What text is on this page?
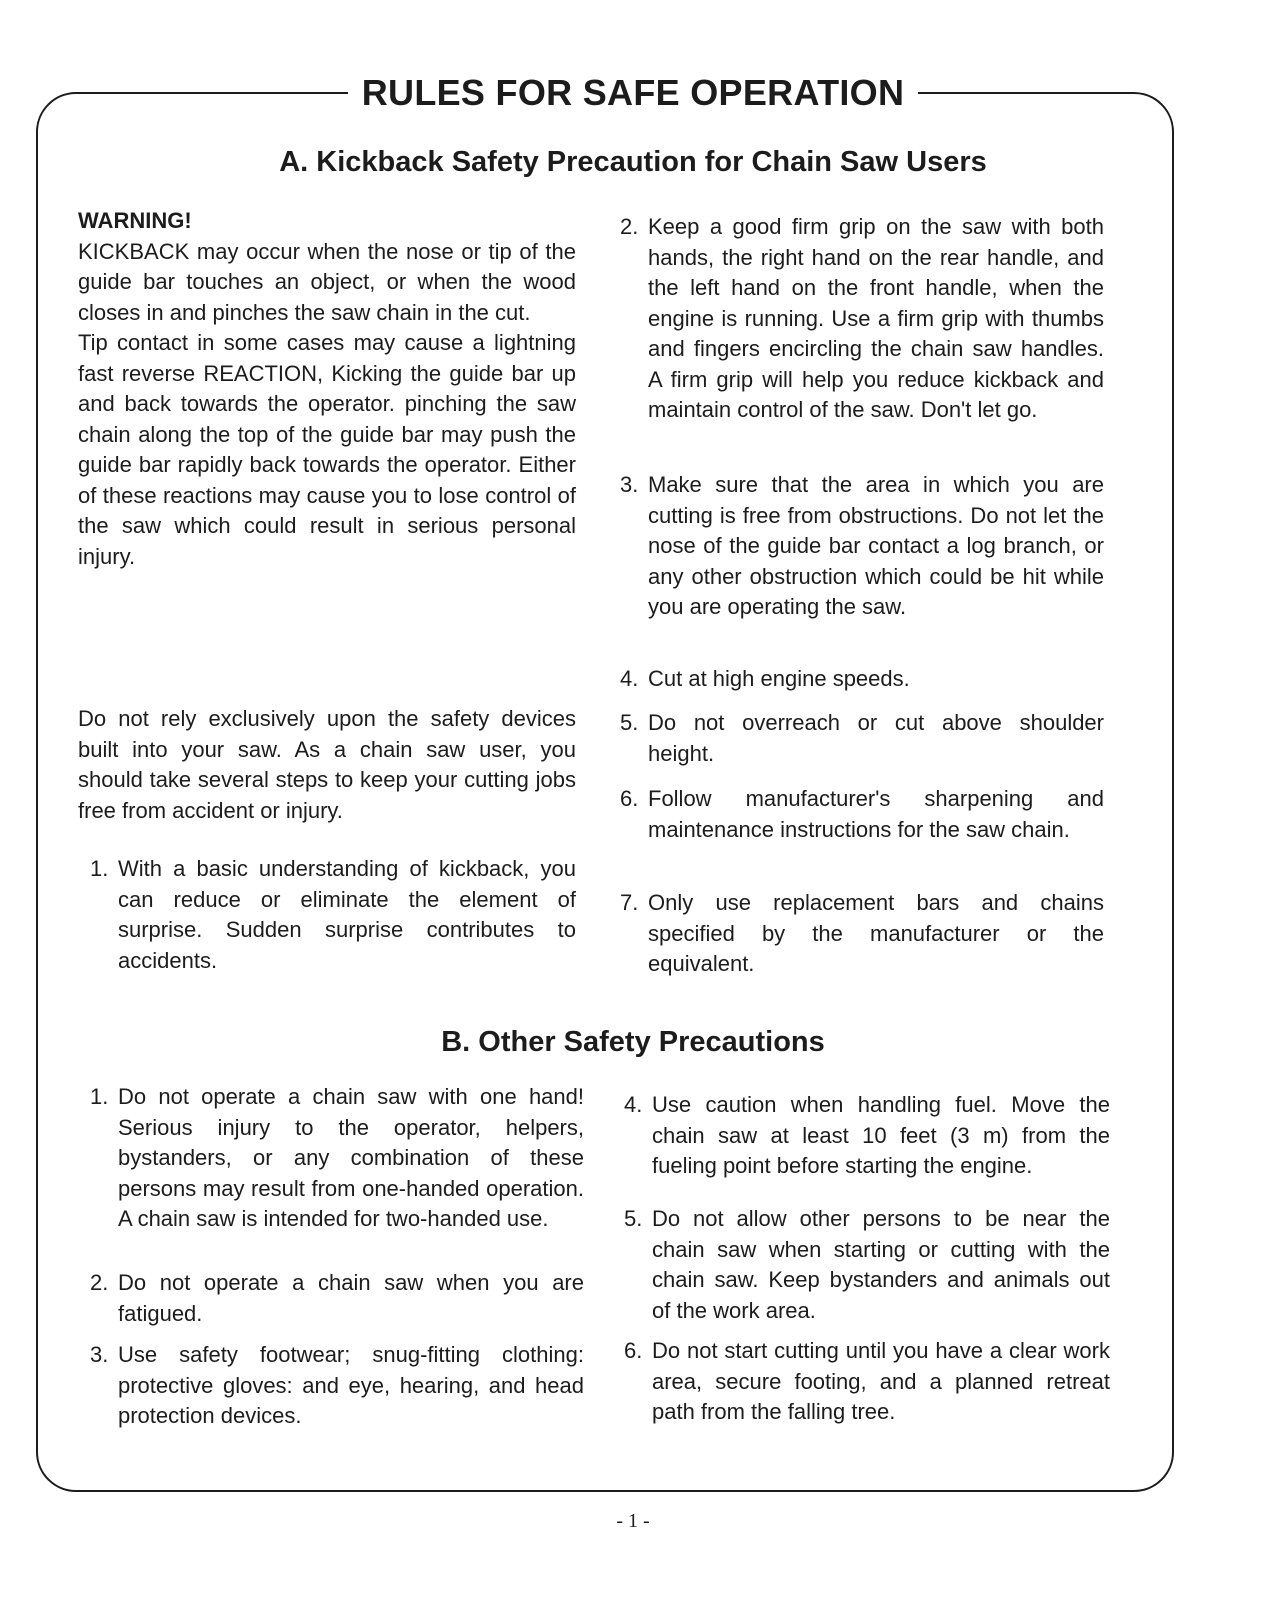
RULES FOR SAFE OPERATION
A. Kickback Safety Precaution for Chain Saw Users

WARNING!

KICKBACK may occur when the nose or tip of the guide bar touches an object, or when the wood closes in and pinches the saw chain in the cut.

Tip contact in some cases may cause a lightning fast reverse REACTION, Kicking the guide bar up and back towards the operator. pinching the saw chain along the top of the guide bar may push the guide bar rapidly back towards the operator. Either of these reactions may cause you to lose control of the saw which could result in serious personal injury.

Do not rely exclusively upon the safety devices built into your saw. As a chain saw user, you should take several steps to keep your cutting jobs free from accident or injury.

1. With a basic understanding of kickback, you can reduce or eliminate the element of surprise. Sudden surprise contributes to accidents.
2. Keep a good firm grip on the saw with both hands, the right hand on the rear handle, and the left hand on the front handle, when the engine is running. Use a firm grip with thumbs and fingers encircling the chain saw handles. A firm grip will help you reduce kickback and maintain control of the saw. Don't let go.
3. Make sure that the area in which you are cutting is free from obstructions. Do not let the nose of the guide bar contact a log branch, or any other obstruction which could be hit while you are operating the saw.
4. Cut at high engine speeds.
5. Do not overreach or cut above shoulder height.
6. Follow manufacturer's sharpening and maintenance instructions for the saw chain.
7. Only use replacement bars and chains specified by the manufacturer or the equivalent.
B. Other Safety Precautions
1. Do not operate a chain saw with one hand! Serious injury to the operator, helpers, bystanders, or any combination of these persons may result from one-handed operation. A chain saw is intended for two-handed use.
2. Do not operate a chain saw when you are fatigued.
3. Use safety footwear; snug-fitting clothing: protective gloves: and eye, hearing, and head protection devices.
4. Use caution when handling fuel. Move the chain saw at least 10 feet (3 m) from the fueling point before starting the engine.
5. Do not allow other persons to be near the chain saw when starting or cutting with the chain saw. Keep bystanders and animals out of the work area.
6. Do not start cutting until you have a clear work area, secure footing, and a planned retreat path from the falling tree.
- 1 -
